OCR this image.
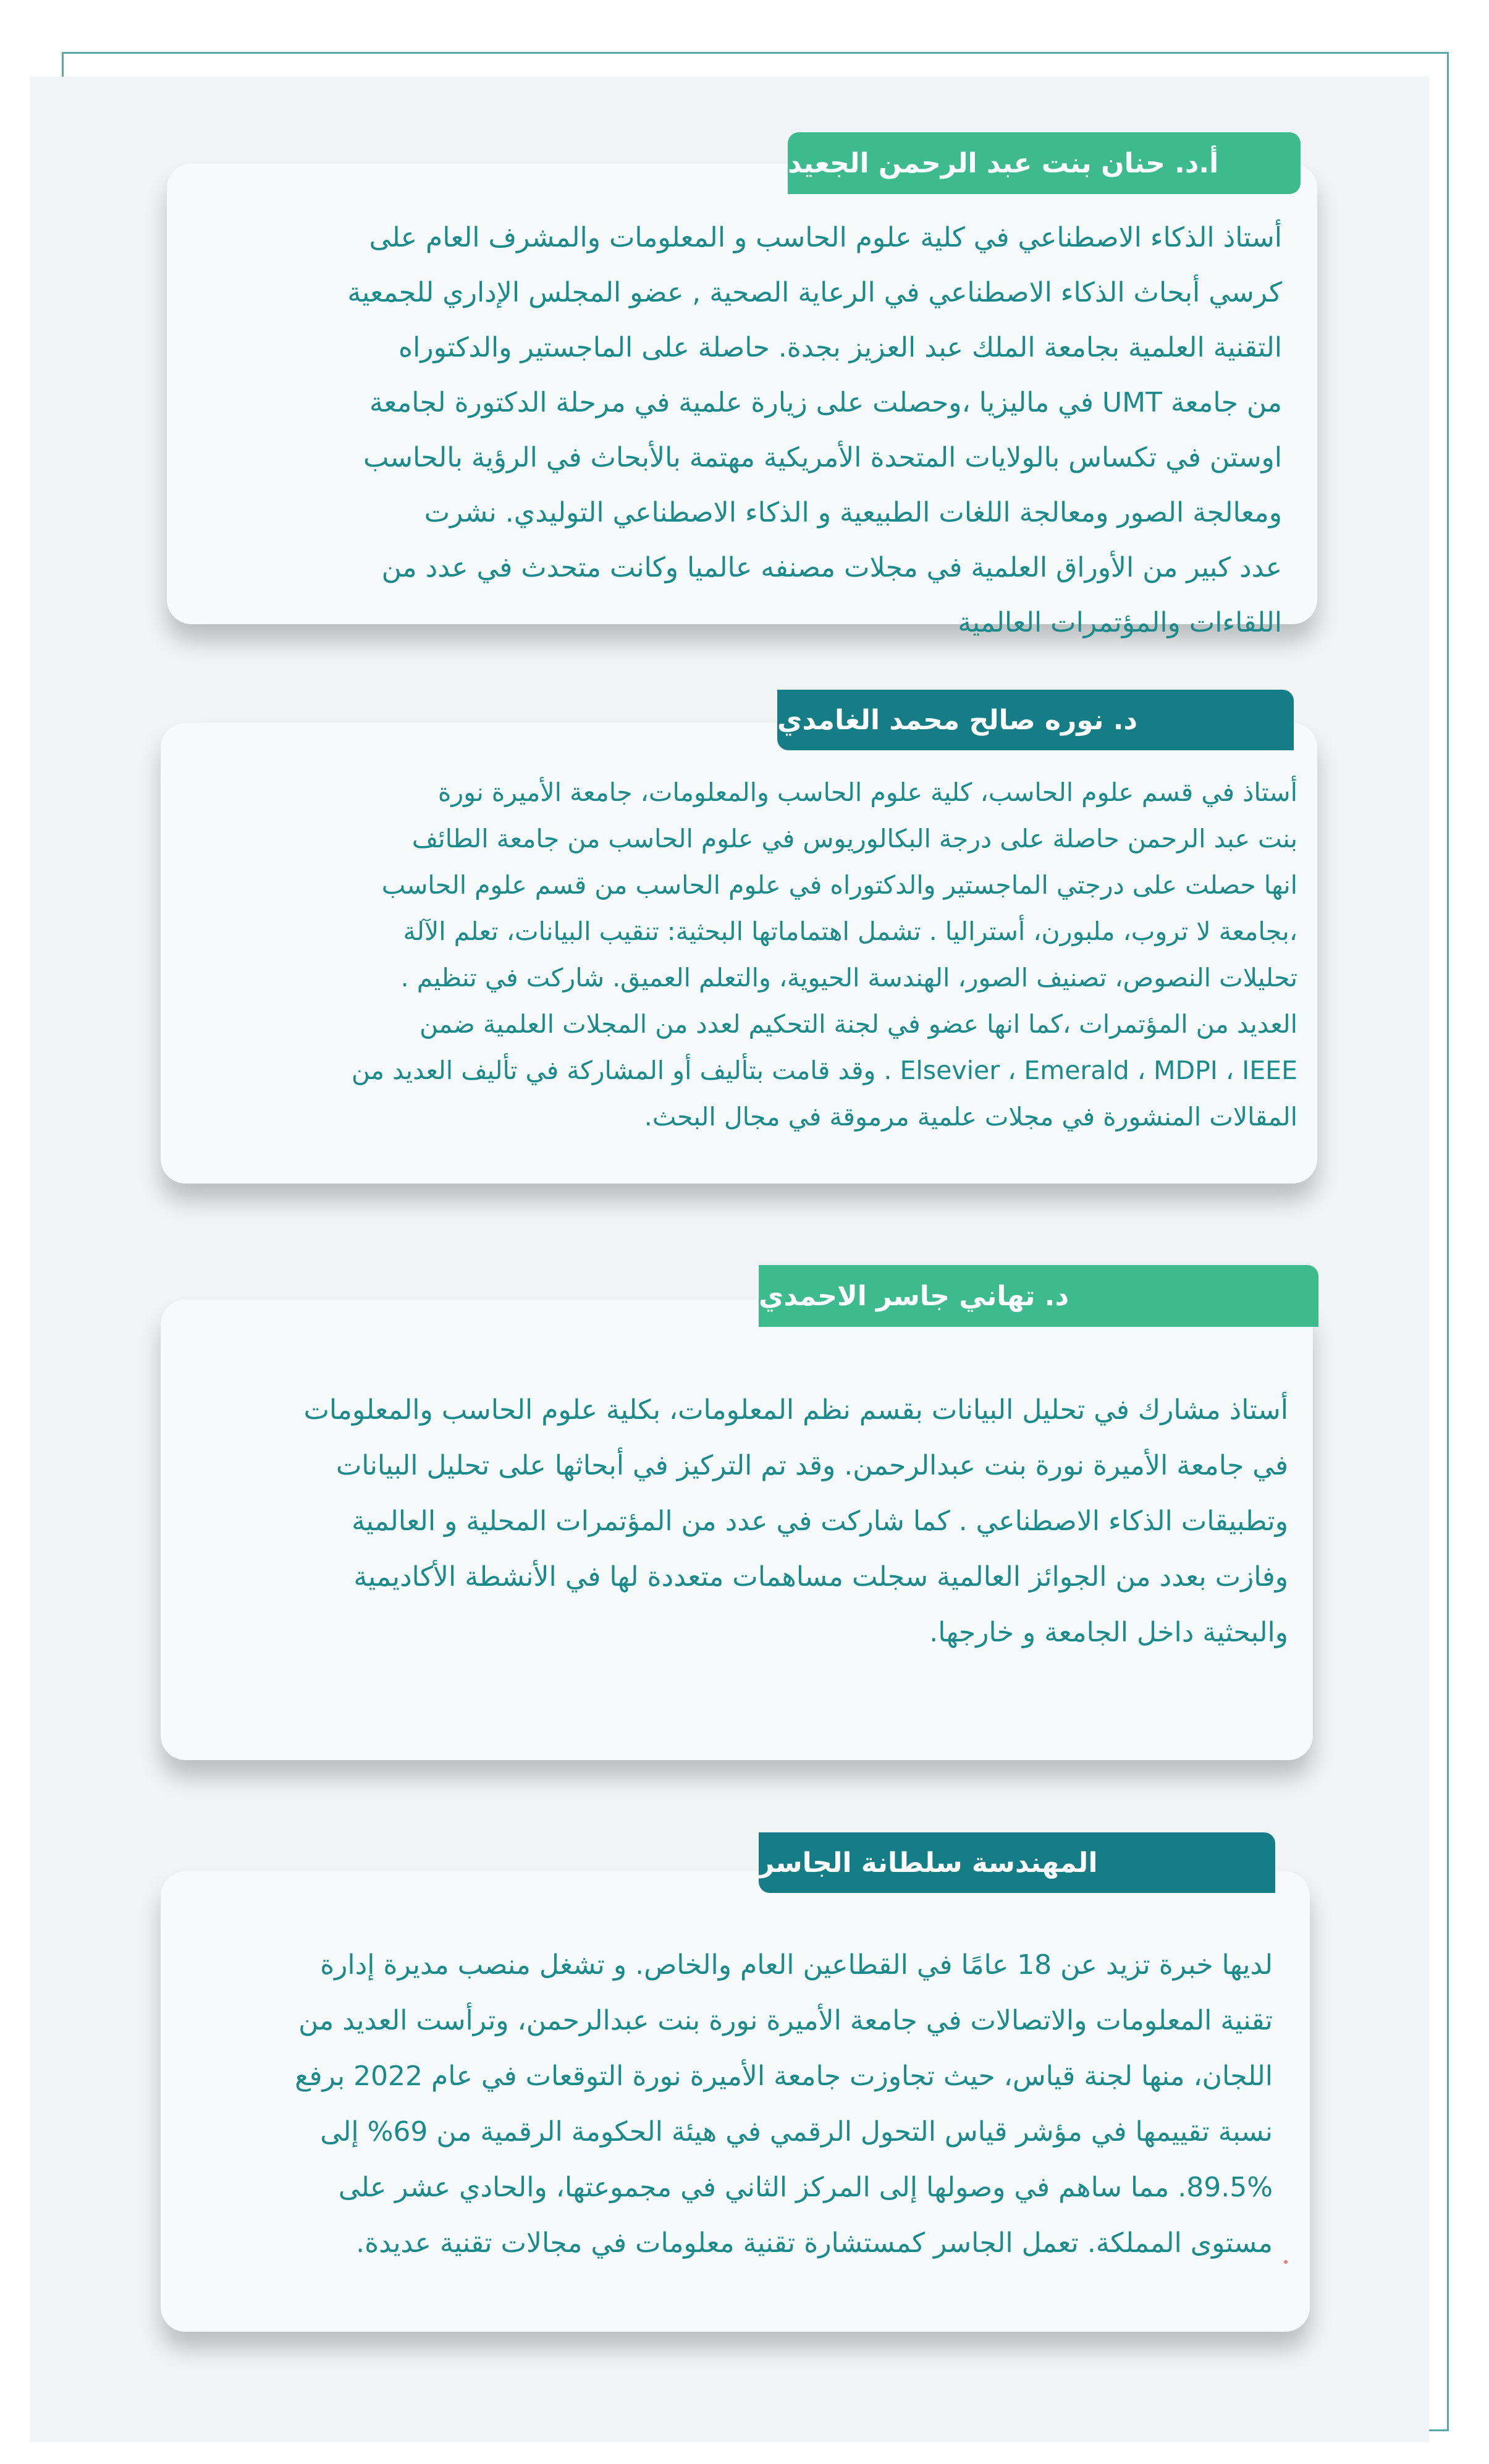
أستاذ الذكاء الاصطناعي في كلية علوم الحاسب و المعلومات والمشرف العام على
كرسي أبحاث الذكاء الاصطناعي في الرعاية الصحية , عضو المجلس الإداري للجمعية
التقنية العلمية بجامعة الملك عبد العزيز بجدة. حاصلة على الماجستير والدكتوراه
من جامعة UMT في ماليزيا ،وحصلت على زيارة علمية في مرحلة الدكتورة لجامعة
اوستن في تكساس بالولايات المتحدة الأمريكية مهتمة بالأبحاث في الرؤية بالحاسب
ومعالجة الصور ومعالجة اللغات الطبيعية و الذكاء الاصطناعي التوليدي. نشرت
عدد كبير من الأوراق العلمية في مجلات مصنفه عالميا وكانت متحدث في عدد من
اللقاءات والمؤتمرات العالمية
أ.د. حنان بنت عبد الرحمن الجعيد
أستاذ في قسم علوم الحاسب، كلية علوم الحاسب والمعلومات، جامعة الأميرة نورة
بنت عبد الرحمن حاصلة على درجة البكالوريوس في علوم الحاسب من جامعة الطائف
انها حصلت على درجتي الماجستير والدكتوراه في علوم الحاسب من قسم علوم الحاسب
،بجامعة لا تروب، ملبورن، أستراليا . تشمل اهتماماتها البحثية: تنقيب البيانات، تعلم الآلة
تحليلات النصوص، تصنيف الصور، الهندسة الحيوية، والتعلم العميق. شاركت في تنظيم .
العديد من المؤتمرات ،كما انها عضو في لجنة التحكيم لعدد من المجلات العلمية ضمن
Elsevier ، Emerald ، MDPI ، IEEE . وقد قامت بتأليف أو المشاركة في تأليف العديد من
المقالات المنشورة في مجلات علمية مرموقة في مجال البحث.
د. نوره صالح محمد الغامدي
أستاذ مشارك في تحليل البيانات بقسم نظم المعلومات، بكلية علوم الحاسب والمعلومات
في جامعة الأميرة نورة بنت عبدالرحمن. وقد تم التركيز في أبحاثها على تحليل البيانات
وتطبيقات الذكاء الاصطناعي . كما شاركت في عدد من المؤتمرات المحلية و العالمية
وفازت بعدد من الجوائز العالمية سجلت مساهمات متعددة لها في الأنشطة الأكاديمية
والبحثية داخل الجامعة و خارجها.
د. تهاني جاسر الاحمدي
لديها خبرة تزيد عن 18 عامًا في القطاعين العام والخاص. و تشغل منصب مديرة إدارة
تقنية المعلومات والاتصالات في جامعة الأميرة نورة بنت عبدالرحمن، وترأست العديد من
اللجان، منها لجنة قياس، حيث تجاوزت جامعة الأميرة نورة التوقعات في عام 2022 برفع
نسبة تقييمها في مؤشر قياس التحول الرقمي في هيئة الحكومة الرقمية من 69% إلى
89.5%. مما ساهم في وصولها إلى المركز الثاني في مجموعتها، والحادي عشر على
مستوى المملكة. تعمل الجاسر كمستشارة تقنية معلومات في مجالات تقنية عديدة.
المهندسة سلطانة الجاسر
